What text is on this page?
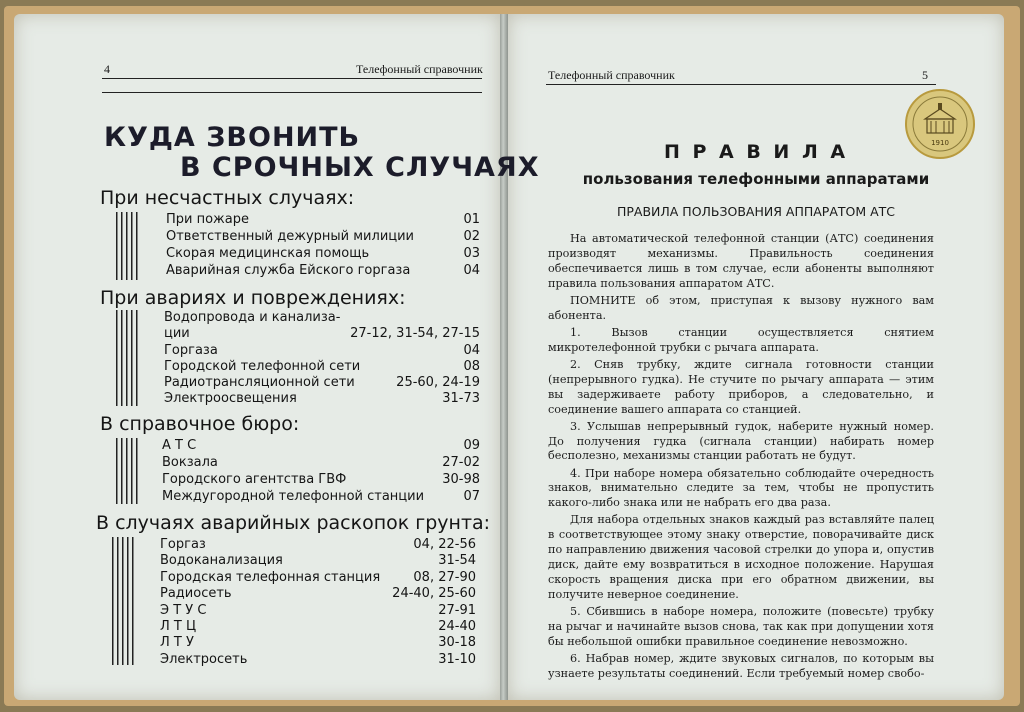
4	Телефонный справочник
КУДА ЗВОНИТЬ
В СРОЧНЫХ СЛУЧАЯХ
При несчастных случаях:
При пожаре	01
Ответственный дежурный милиции	02
Скорая медицинская помощь	03
Аварийная служба Ейского горгаза	04
При авариях и повреждениях:
Водопровода и канализа-
ции	27-12, 31-54, 27-15
Горгаза	04
Городской телефонной сети	08
Радиотрансляционной сети	25-60, 24-19
Электроосвещения	31-73
В справочное бюро:
А Т С	09
Вокзала	27-02
Городского агентства ГВФ	30-98
Междугородной телефонной станции	07
В случаях аварийных раскопок грунта:
Горгаз	04, 22-56
Водоканализация	31-54
Городская телефонная станция	08, 27-90
Радиосеть	24-40, 25-60
Э Т У С	27-91
Л Т Ц	24-40
Л Т У	30-18
Электросеть	31-10
Телефонный справочник	5
1910
П Р А В И Л А
пользования телефонными аппаратами
ПРАВИЛА ПОЛЬЗОВАНИЯ АППАРАТОМ АТС

На автоматической телефонной станции (АТС) соединения производят механизмы. Правильность соединения обеспечивается лишь в том случае, если абоненты выполняют правила пользования аппаратом АТС.

ПОМНИТЕ об этом, приступая к вызову нужного вам абонента.

1. Вызов станции осуществляется снятием микротелефонной трубки с рычага аппарата.

2. Сняв трубку, ждите сигнала готовности станции (непрерывного гудка). Не стучите по рычагу аппарата — этим вы задерживаете работу приборов, а следовательно, и соединение вашего аппарата со станцией.

3. Услышав непрерывный гудок, наберите нужный номер. До получения гудка (сигнала станции) набирать номер бесполезно, механизмы станции работать не будут.

4. При наборе номера обязательно соблюдайте очередность знаков, внимательно следите за тем, чтобы не пропустить какого-либо знака или не набрать его два раза.

Для набора отдельных знаков каждый раз вставляйте палец в соответствующее этому знаку отверстие, поворачивайте диск по направлению движения часовой стрелки до упора и, опустив диск, дайте ему возвратиться в исходное положение. Нарушая скорость вращения диска при его обратном движении, вы получите неверное соединение.

5. Сбившись в наборе номера, положите (повесьте) трубку на рычаг и начинайте вызов снова, так как при допущении хотя бы небольшой ошибки правильное соединение невозможно.

6. Набрав номер, ждите звуковых сигналов, по которым вы узнаете результаты соединений. Если требуемый номер свобо-
